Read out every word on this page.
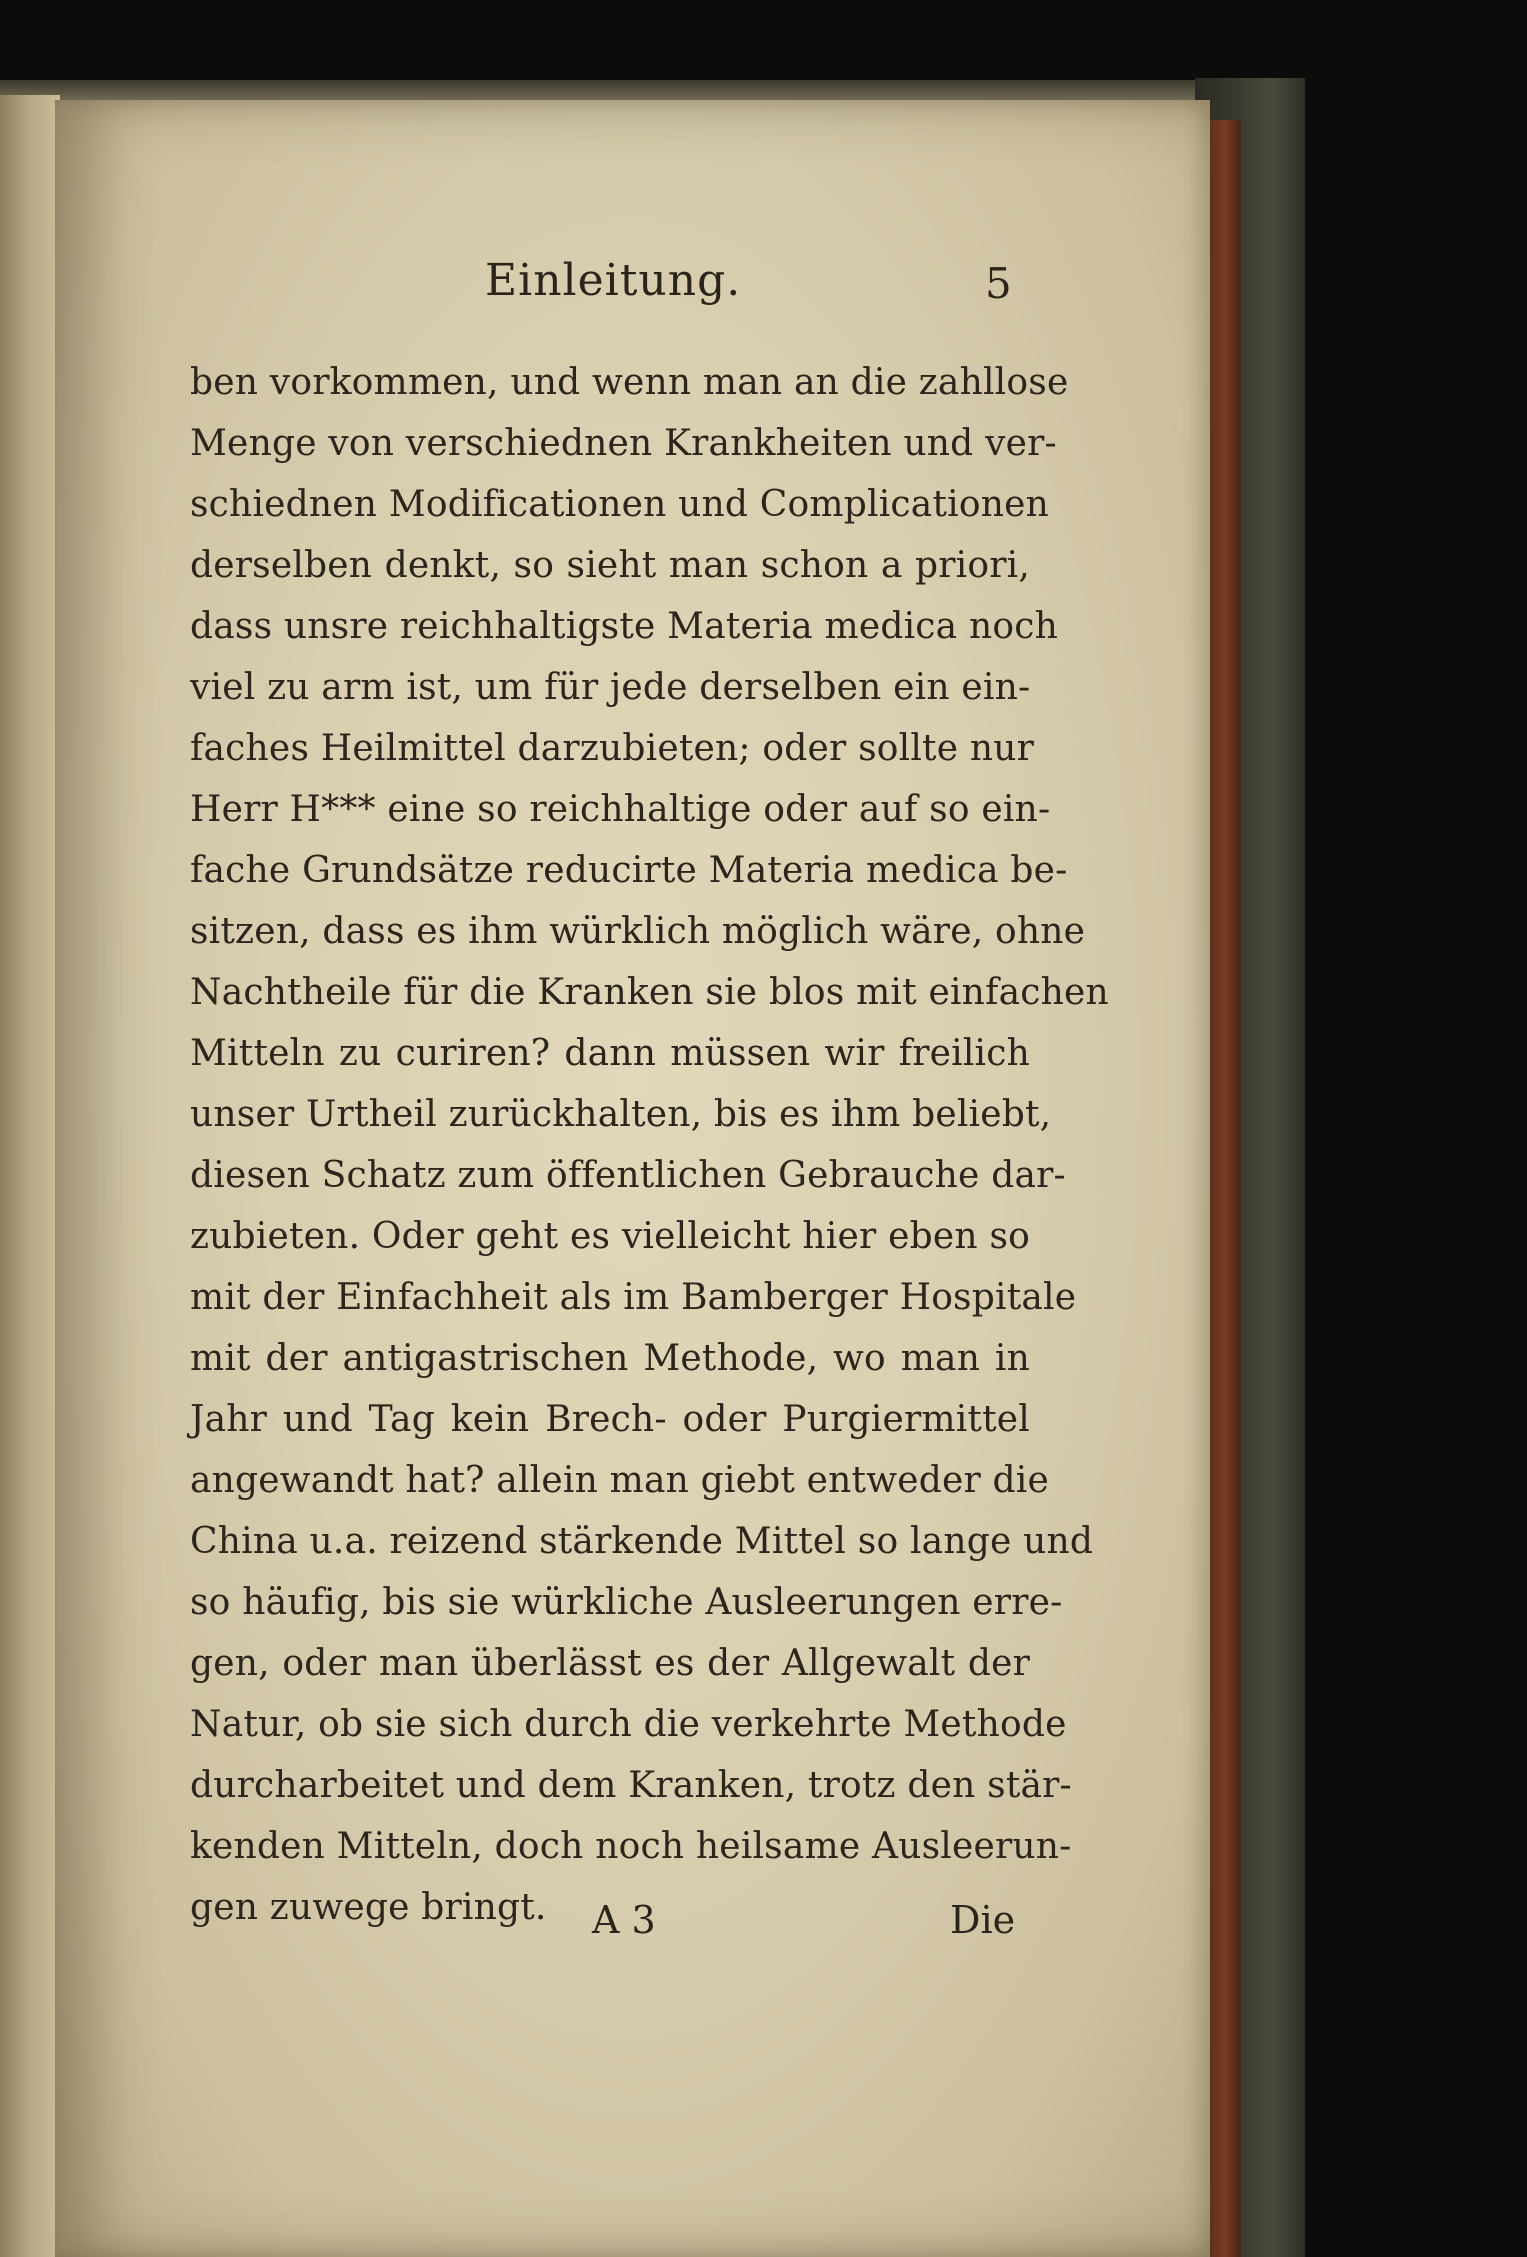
Einleitung.	5
ben vorkommen, und wenn man an die zahllose
Menge von verschiednen Krankheiten und ver-
schiednen Modificationen und Complicationen
derselben denkt, so sieht man schon a priori,
dass unsre reichhaltigste Materia medica noch
viel zu arm ist, um für jede derselben ein ein-
faches Heilmittel darzubieten; oder sollte nur
Herr H*** eine so reichhaltige oder auf so ein-
fache Grundsätze reducirte Materia medica be-
sitzen, dass es ihm würklich möglich wäre, ohne
Nachtheile für die Kranken sie blos mit einfachen
Mitteln zu curiren? dann müssen wir freilich
unser Urtheil zurückhalten, bis es ihm beliebt,
diesen Schatz zum öffentlichen Gebrauche dar-
zubieten. Oder geht es vielleicht hier eben so
mit der Einfachheit als im Bamberger Hospitale
mit der antigastrischen Methode, wo man in
Jahr und Tag kein Brech- oder Purgiermittel
angewandt hat? allein man giebt entweder die
China u.a. reizend stärkende Mittel so lange und
so häufig, bis sie würkliche Ausleerungen erre-
gen, oder man überlässt es der Allgewalt der
Natur, ob sie sich durch die verkehrte Methode
durcharbeitet und dem Kranken, trotz den stär-
kenden Mitteln, doch noch heilsame Ausleerun-
gen zuwege bringt.	A 3	Die
